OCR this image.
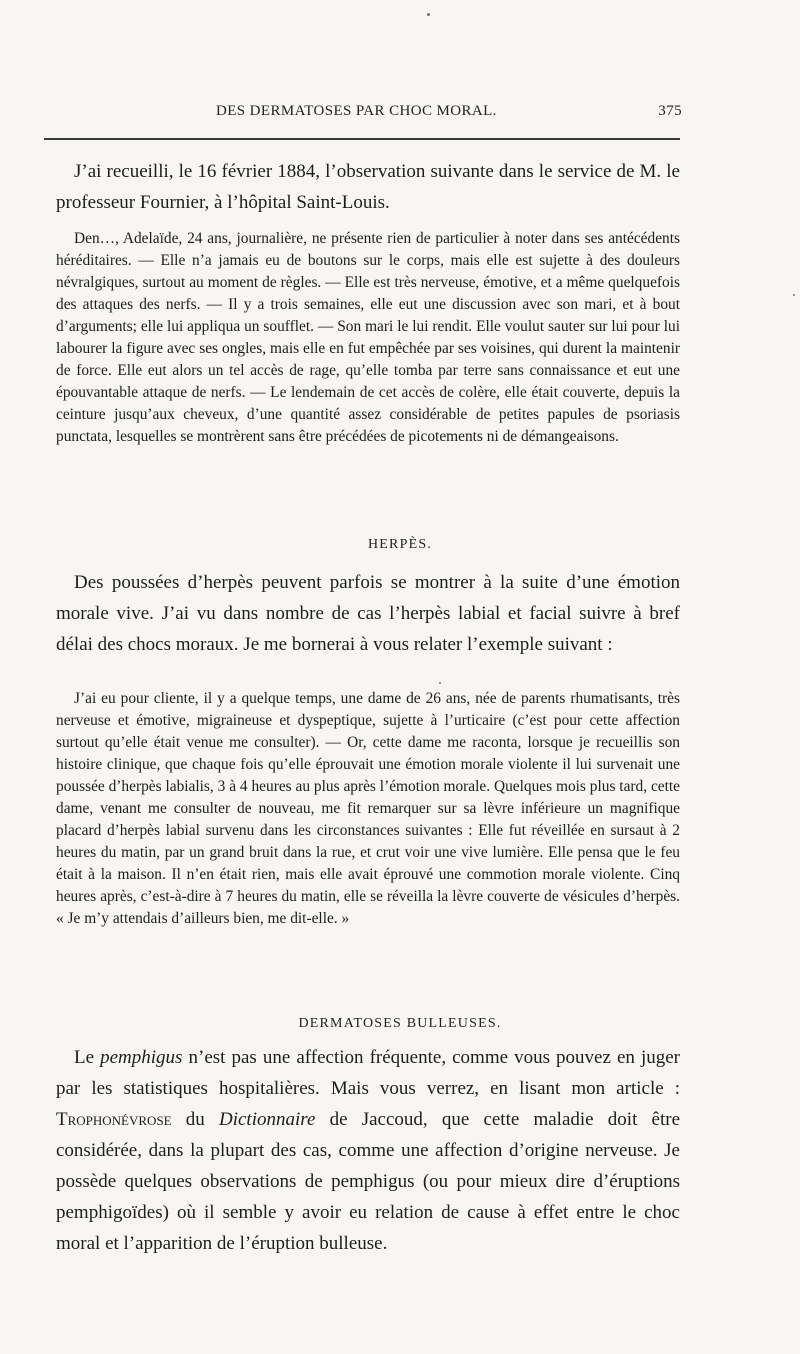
DES DERMATOSES PAR CHOC MORAL.	375

J’ai recueilli, le 16 février 1884, l’observation suivante dans le service de M. le professeur Fournier, à l’hôpital Saint-Louis.

Den…, Adelaïde, 24 ans, journalière, ne présente rien de particulier à noter dans ses antécédents héréditaires. — Elle n’a jamais eu de boutons sur le corps, mais elle est sujette à des douleurs névralgiques, surtout au moment de règles. — Elle est très nerveuse, émotive, et a même quelquefois des attaques des nerfs. — Il y a trois semaines, elle eut une discussion avec son mari, et à bout d’arguments; elle lui appliqua un soufflet. — Son mari le lui rendit. Elle voulut sauter sur lui pour lui labourer la figure avec ses ongles, mais elle en fut empêchée par ses voisines, qui durent la maintenir de force. Elle eut alors un tel accès de rage, qu’elle tomba par terre sans connaissance et eut une épouvantable attaque de nerfs. — Le lendemain de cet accès de colère, elle était couverte, depuis la ceinture jusqu’aux cheveux, d’une quantité assez considérable de petites papules de psoriasis punctata, lesquelles se montrèrent sans être précédées de picotements ni de démangeaisons.

HERPÈS.

Des poussées d’herpès peuvent parfois se montrer à la suite d’une émotion morale vive. J’ai vu dans nombre de cas l’herpès labial et facial suivre à bref délai des chocs moraux. Je me bornerai à vous relater l’exemple suivant :

J’ai eu pour cliente, il y a quelque temps, une dame de 26 ans, née de parents rhumatisants, très nerveuse et émotive, migraineuse et dyspeptique, sujette à l’urticaire (c’est pour cette affection surtout qu’elle était venue me consulter). — Or, cette dame me raconta, lorsque je recueillis son histoire clinique, que chaque fois qu’elle éprouvait une émotion morale violente il lui survenait une poussée d’herpès labialis, 3 à 4 heures au plus après l’émotion morale. Quelques mois plus tard, cette dame, venant me consulter de nouveau, me fit remarquer sur sa lèvre inférieure un magnifique placard d’herpès labial survenu dans les circonstances suivantes : Elle fut réveillée en sursaut à 2 heures du matin, par un grand bruit dans la rue, et crut voir une vive lumière. Elle pensa que le feu était à la maison. Il n’en était rien, mais elle avait éprouvé une commotion morale violente. Cinq heures après, c’est-à-dire à 7 heures du matin, elle se réveilla la lèvre couverte de vésicules d’herpès. « Je m’y attendais d’ailleurs bien, me dit-elle. »

DERMATOSES BULLEUSES.

Le pemphigus n’est pas une affection fréquente, comme vous pouvez en juger par les statistiques hospitalières. Mais vous verrez, en lisant mon article : Trophonévrose du Dictionnaire de Jaccoud, que cette maladie doit être considérée, dans la plupart des cas, comme une affection d’origine nerveuse. Je possède quelques observations de pemphigus (ou pour mieux dire d’éruptions pemphigoïdes) où il semble y avoir eu relation de cause à effet entre le choc moral et l’apparition de l’éruption bulleuse.
